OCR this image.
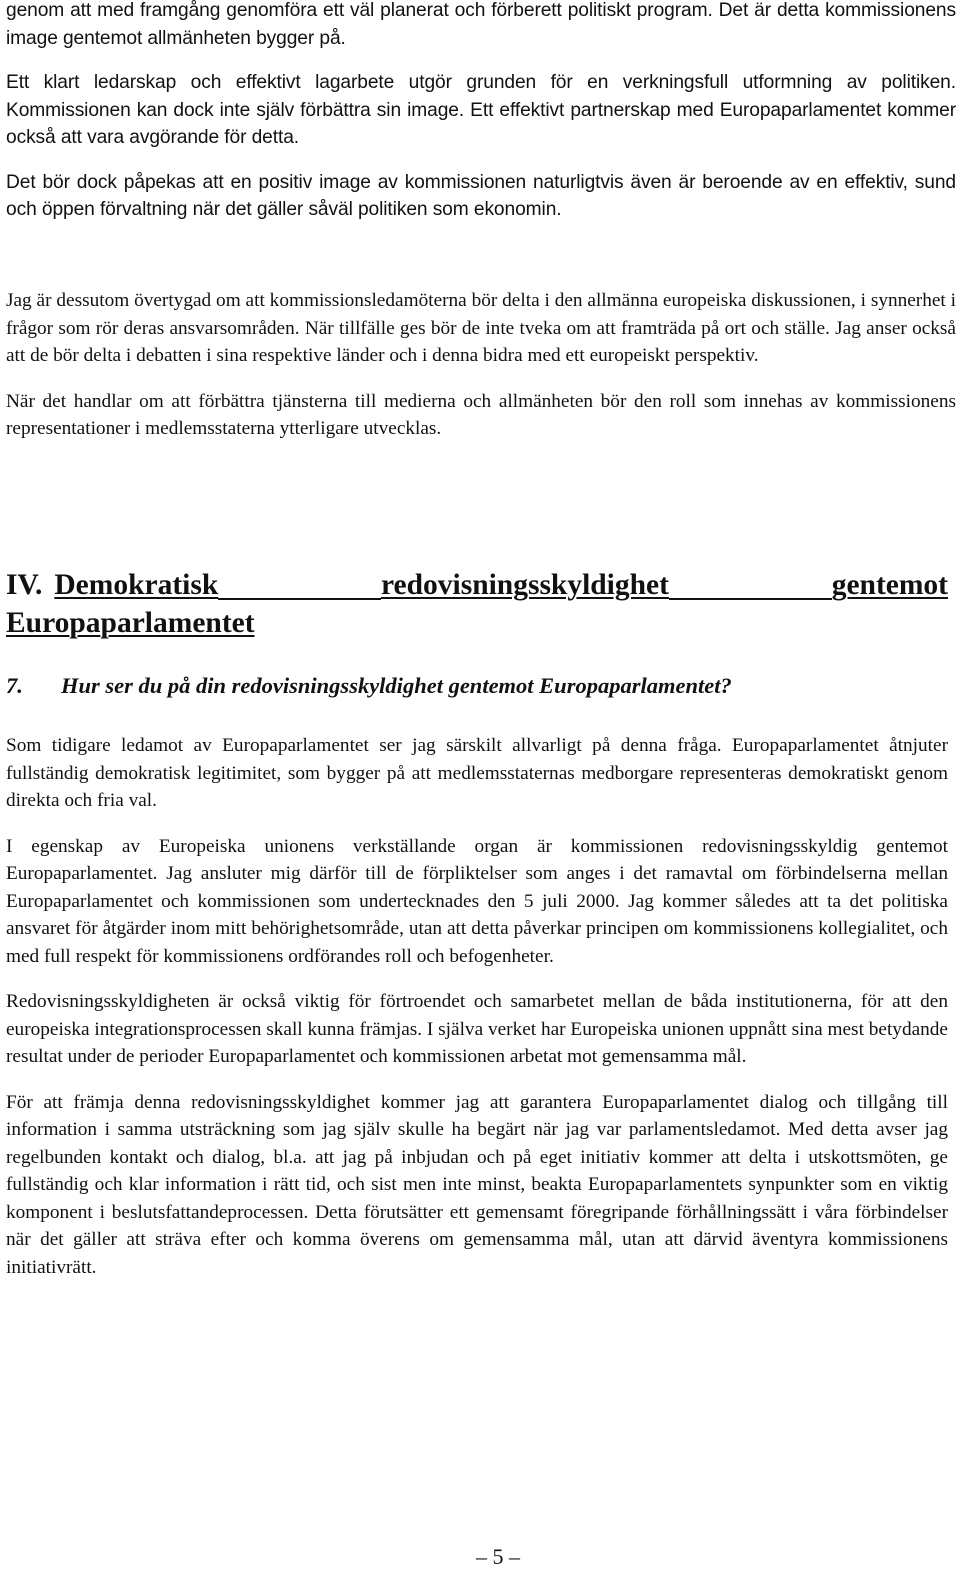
genom att med framgång genomföra ett väl planerat och förberett politiskt program. Det är detta kommissionens image gentemot allmänheten bygger på.

Ett klart ledarskap och effektivt lagarbete utgör grunden för en verkningsfull utformning av politiken. Kommissionen kan dock inte själv förbättra sin image. Ett effektivt partnerskap med Europaparlamentet kommer också att vara avgörande för detta.

Det bör dock påpekas att en positiv image av kommissionen naturligtvis även är beroende av en effektiv, sund och öppen förvaltning när det gäller såväl politiken som ekonomin.

Jag är dessutom övertygad om att kommissionsledamöterna bör delta i den allmänna europeiska diskussionen, i synnerhet i frågor som rör deras ansvarsområden. När tillfälle ges bör de inte tveka om att framträda på ort och ställe. Jag anser också att de bör delta i debatten i sina respektive länder och i denna bidra med ett europeiskt perspektiv.

När det handlar om att förbättra tjänsterna till medierna och allmänheten bör den roll som innehas av kommissionens representationer i medlemsstaterna ytterligare utvecklas.

IV. Demokratisk	redovisningsskyldighet	gentemot
Europaparlamentet

7. Hur ser du på din redovisningsskyldighet gentemot Europaparlamentet?

Som tidigare ledamot av Europaparlamentet ser jag särskilt allvarligt på denna fråga. Europaparlamentet åtnjuter fullständig demokratisk legitimitet, som bygger på att medlemsstaternas medborgare representeras demokratiskt genom direkta och fria val.

I egenskap av Europeiska unionens verkställande organ är kommissionen redovisningsskyldig gentemot Europaparlamentet. Jag ansluter mig därför till de förpliktelser som anges i det ramavtal om förbindelserna mellan Europaparlamentet och kommissionen som undertecknades den 5 juli 2000. Jag kommer således att ta det politiska ansvaret för åtgärder inom mitt behörighetsområde, utan att detta påverkar principen om kommissionens kollegialitet, och med full respekt för kommissionens ordförandes roll och befogenheter.

Redovisningsskyldigheten är också viktig för förtroendet och samarbetet mellan de båda institutionerna, för att den europeiska integrationsprocessen skall kunna främjas. I själva verket har Europeiska unionen uppnått sina mest betydande resultat under de perioder Europaparlamentet och kommissionen arbetat mot gemensamma mål.

För att främja denna redovisningsskyldighet kommer jag att garantera Europaparlamentet dialog och tillgång till information i samma utsträckning som jag själv skulle ha begärt när jag var parlamentsledamot. Med detta avser jag regelbunden kontakt och dialog, bl.a. att jag på inbjudan och på eget initiativ kommer att delta i utskottsmöten, ge fullständig och klar information i rätt tid, och sist men inte minst, beakta Europaparlamentets synpunkter som en viktig komponent i beslutsfattandeprocessen. Detta förutsätter ett gemensamt föregripande förhållningssätt i våra förbindelser när det gäller att sträva efter och komma överens om gemensamma mål, utan att därvid äventyra kommissionens initiativrätt.

– 5 –
